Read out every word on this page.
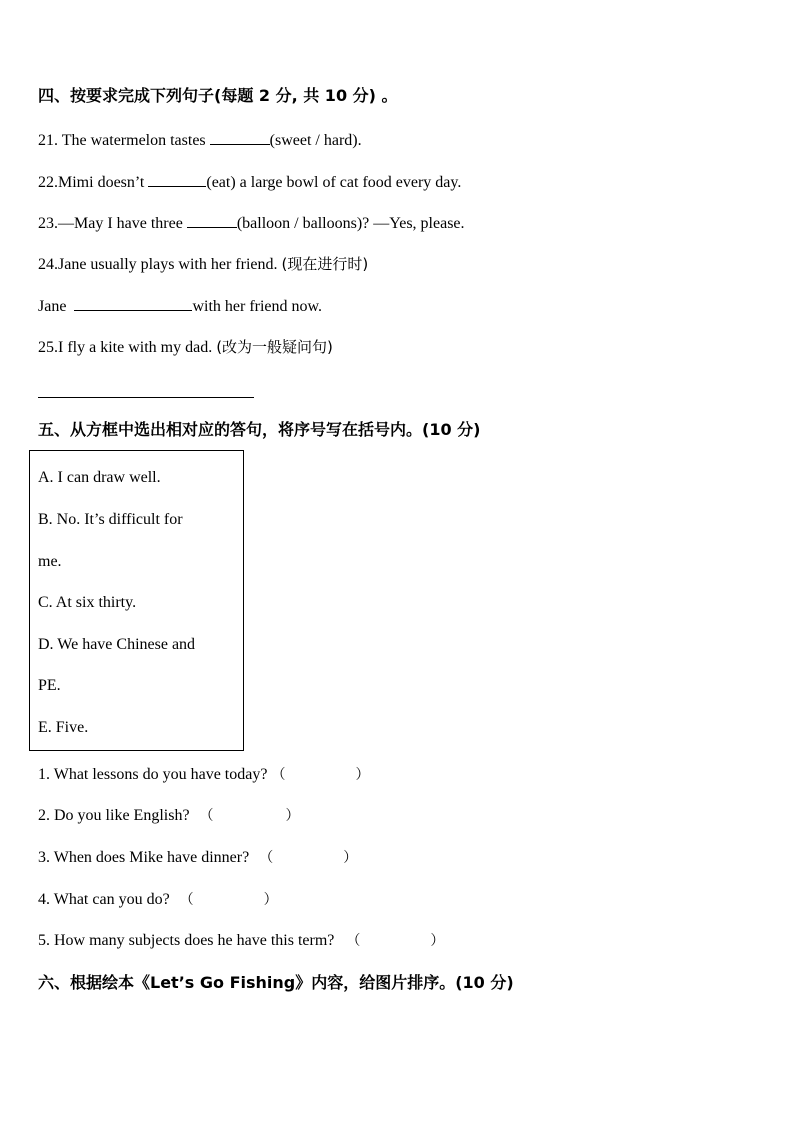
四、按要求完成下列句子(每题 2 分, 共 10 分) 。
21. The watermelon tastes	(sweet / hard).
22.Mimi doesn’t	(eat) a large bowl of cat food every day.
23.—May I have three	(balloon / balloons)? —Yes, please.
24.Jane usually plays with her friend. (现在进行时)
Jane	with her friend now.
25.I fly a kite with my dad. (改为一般疑问句)
五、从方框中选出相对应的答句，将序号写在括号内。(10 分)
A. I can draw well.
B. No. It’s difficult for
me.
C. At six thirty.
D. We have Chinese and
PE.
E. Five.
1. What lessons do you have today? （	）
2. Do you like English? （	）
3. When does Mike have dinner? （	）
4. What can you do? （	）
5. How many subjects does he have this term? （	）
六、根据绘本《Let’s Go Fishing》内容，给图片排序。(10 分)
